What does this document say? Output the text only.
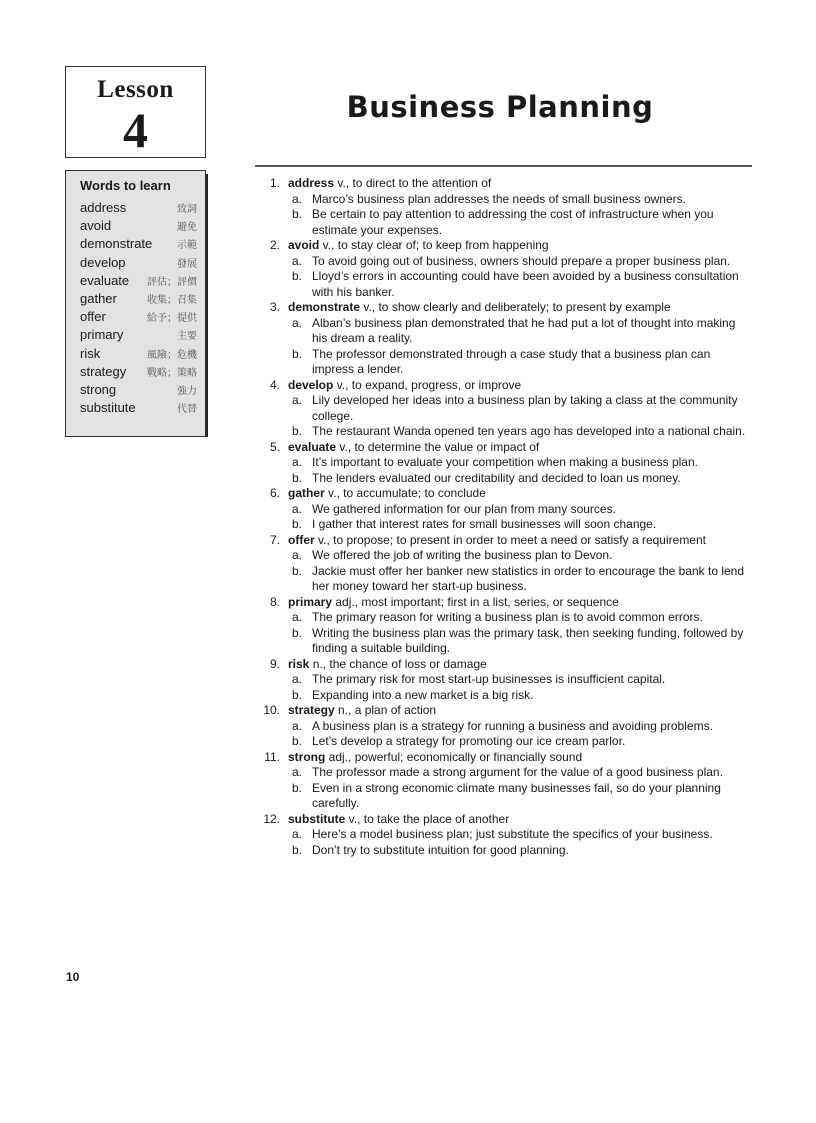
Lesson
4	Business Planning
Words to learn
address	致詞
avoid	避免
demonstrate 示範
develop	發展
evaluate 評估；評價
gather	收集；召集
offer	給予；提供
primary	主要
risk	風險；危機
strategy 戰略；策略
strong	強力
substitute	代替
1. address v., to direct to the attention of
a. Marco’s business plan addresses the needs of small business owners.
b. Be certain to pay attention to addressing the cost of infrastructure when you estimate your expenses.
2. avoid v., to stay clear of; to keep from happening
a. To avoid going out of business, owners should prepare a proper business plan.
b. Lloyd’s errors in accounting could have been avoided by a business consultation with his banker.
3. demonstrate v., to show clearly and deliberately; to present by example
a. Alban’s business plan demonstrated that he had put a lot of thought into making his dream a reality.
b. The professor demonstrated through a case study that a business plan can impress a lender.
4. develop v., to expand, progress, or improve
a. Lily developed her ideas into a business plan by taking a class at the community college.
b. The restaurant Wanda opened ten years ago has developed into a national chain.
5. evaluate v., to determine the value or impact of
a. It’s important to evaluate your competition when making a business plan.
b. The lenders evaluated our creditability and decided to loan us money.
6. gather v., to accumulate; to conclude
a. We gathered information for our plan from many sources.
b. I gather that interest rates for small businesses will soon change.
7. offer v., to propose; to present in order to meet a need or satisfy a requirement
a. We offered the job of writing the business plan to Devon.
b. Jackie must offer her banker new statistics in order to encourage the bank to lend her money toward her start-up business.
8. primary adj., most important; first in a list, series, or sequence
a. The primary reason for writing a business plan is to avoid common errors.
b. Writing the business plan was the primary task, then seeking funding, followed by finding a suitable building.
9. risk n., the chance of loss or damage
a. The primary risk for most start-up businesses is insufficient capital.
b. Expanding into a new market is a big risk.
10. strategy n., a plan of action
a. A business plan is a strategy for running a business and avoiding problems.
b. Let’s develop a strategy for promoting our ice cream parlor.
11. strong adj., powerful; economically or financially sound
a. The professor made a strong argument for the value of a good business plan.
b. Even in a strong economic climate many businesses fail, so do your planning carefully.
12. substitute v., to take the place of another
a. Here’s a model business plan; just substitute the specifics of your business.
b. Don’t try to substitute intuition for good planning.
10
